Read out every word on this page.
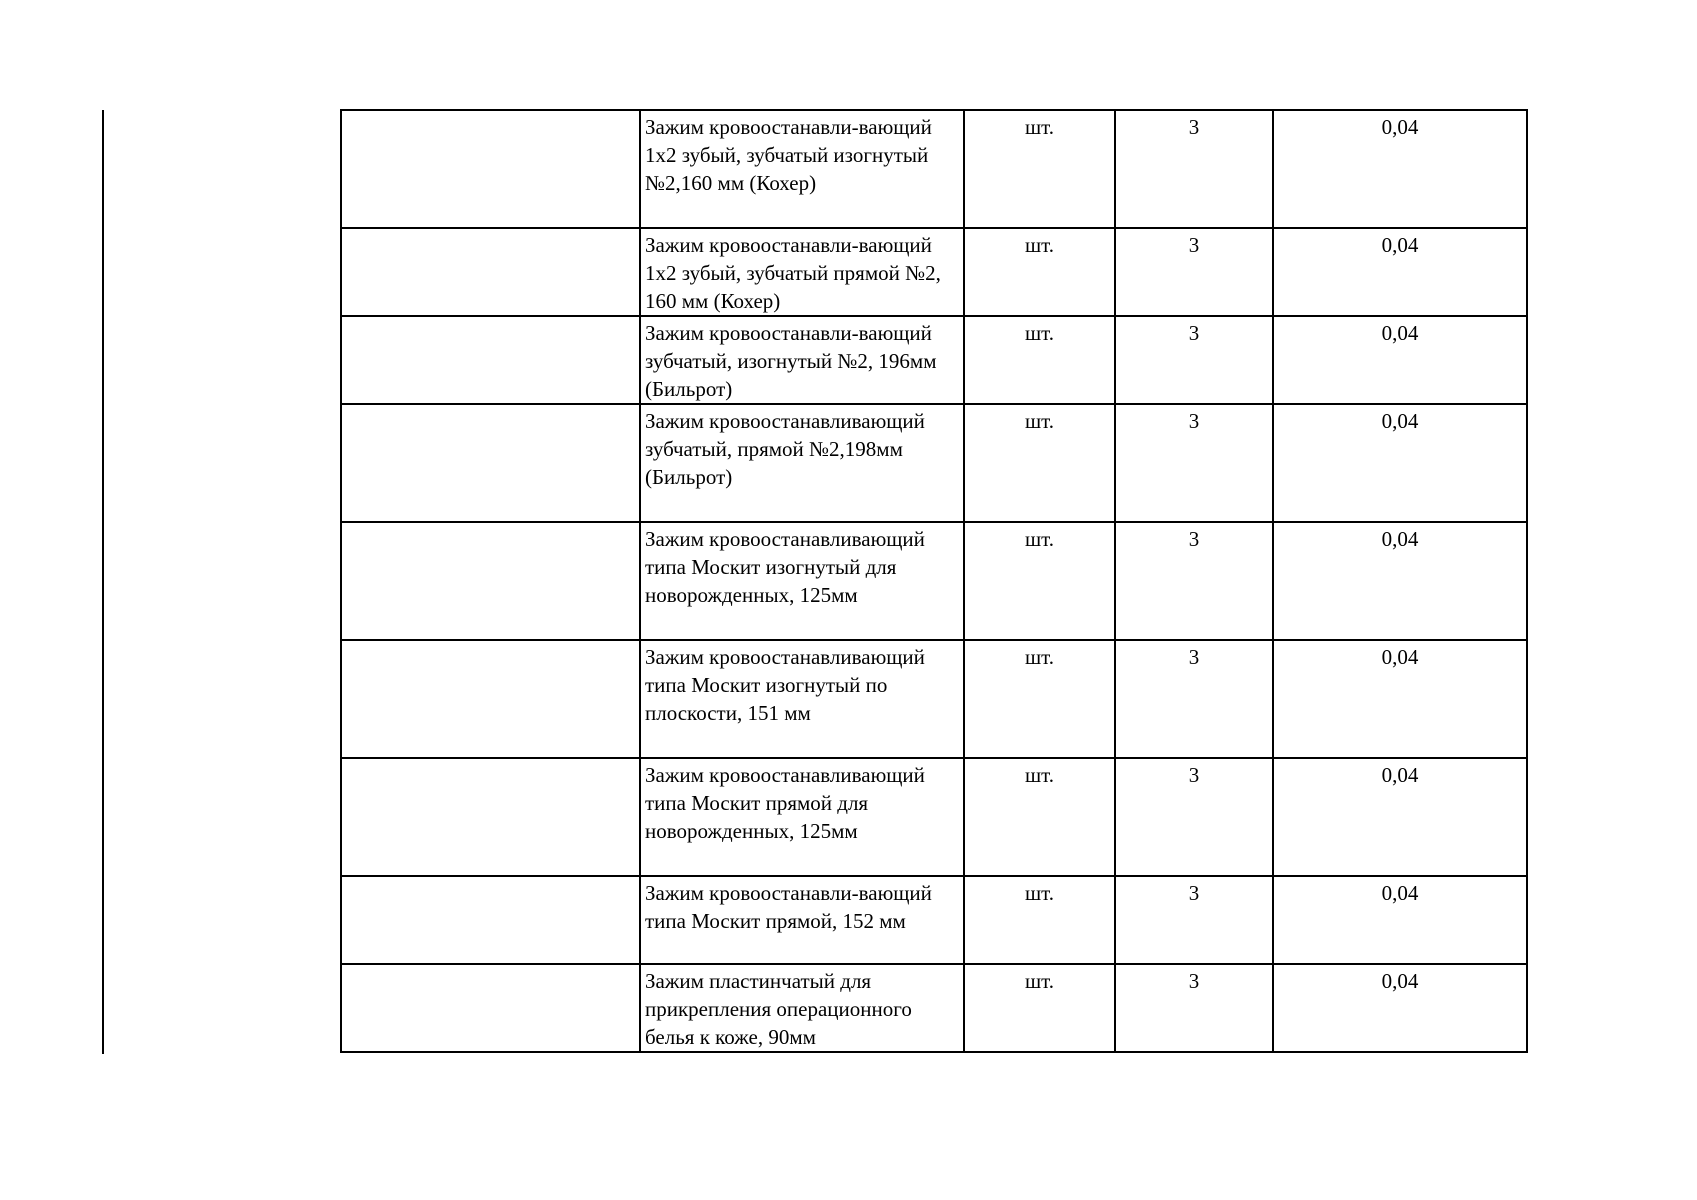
	Зажим кровоостанавли-вающий 1х2 зубый, зубчатый изогнутый №2,160 мм (Кохер)	шт.	3	0,04

	Зажим кровоостанавли-вающий 1х2 зубый, зубчатый прямой №2, 160 мм (Кохер)	шт.	3	0,04

	Зажим кровоостанавли-вающий зубчатый, изогнутый №2, 196мм (Бильрот)	шт.	3	0,04

	Зажим кровоостанавливающий зубчатый, прямой №2,198мм (Бильрот)	шт.	3	0,04

	Зажим кровоостанавливающий типа Москит изогнутый для новорожденных, 125мм	шт.	3	0,04

	Зажим кровоостанавливающий типа Москит изогнутый по плоскости, 151 мм	шт.	3	0,04

	Зажим кровоостанавливающий типа Москит прямой для новорожденных, 125мм	шт.	3	0,04

	Зажим кровоостанавли-вающий типа Москит прямой, 152 мм	шт.	3	0,04

	Зажим пластинчатый для прикрепления операционного белья к коже, 90мм	шт.	3	0,04
